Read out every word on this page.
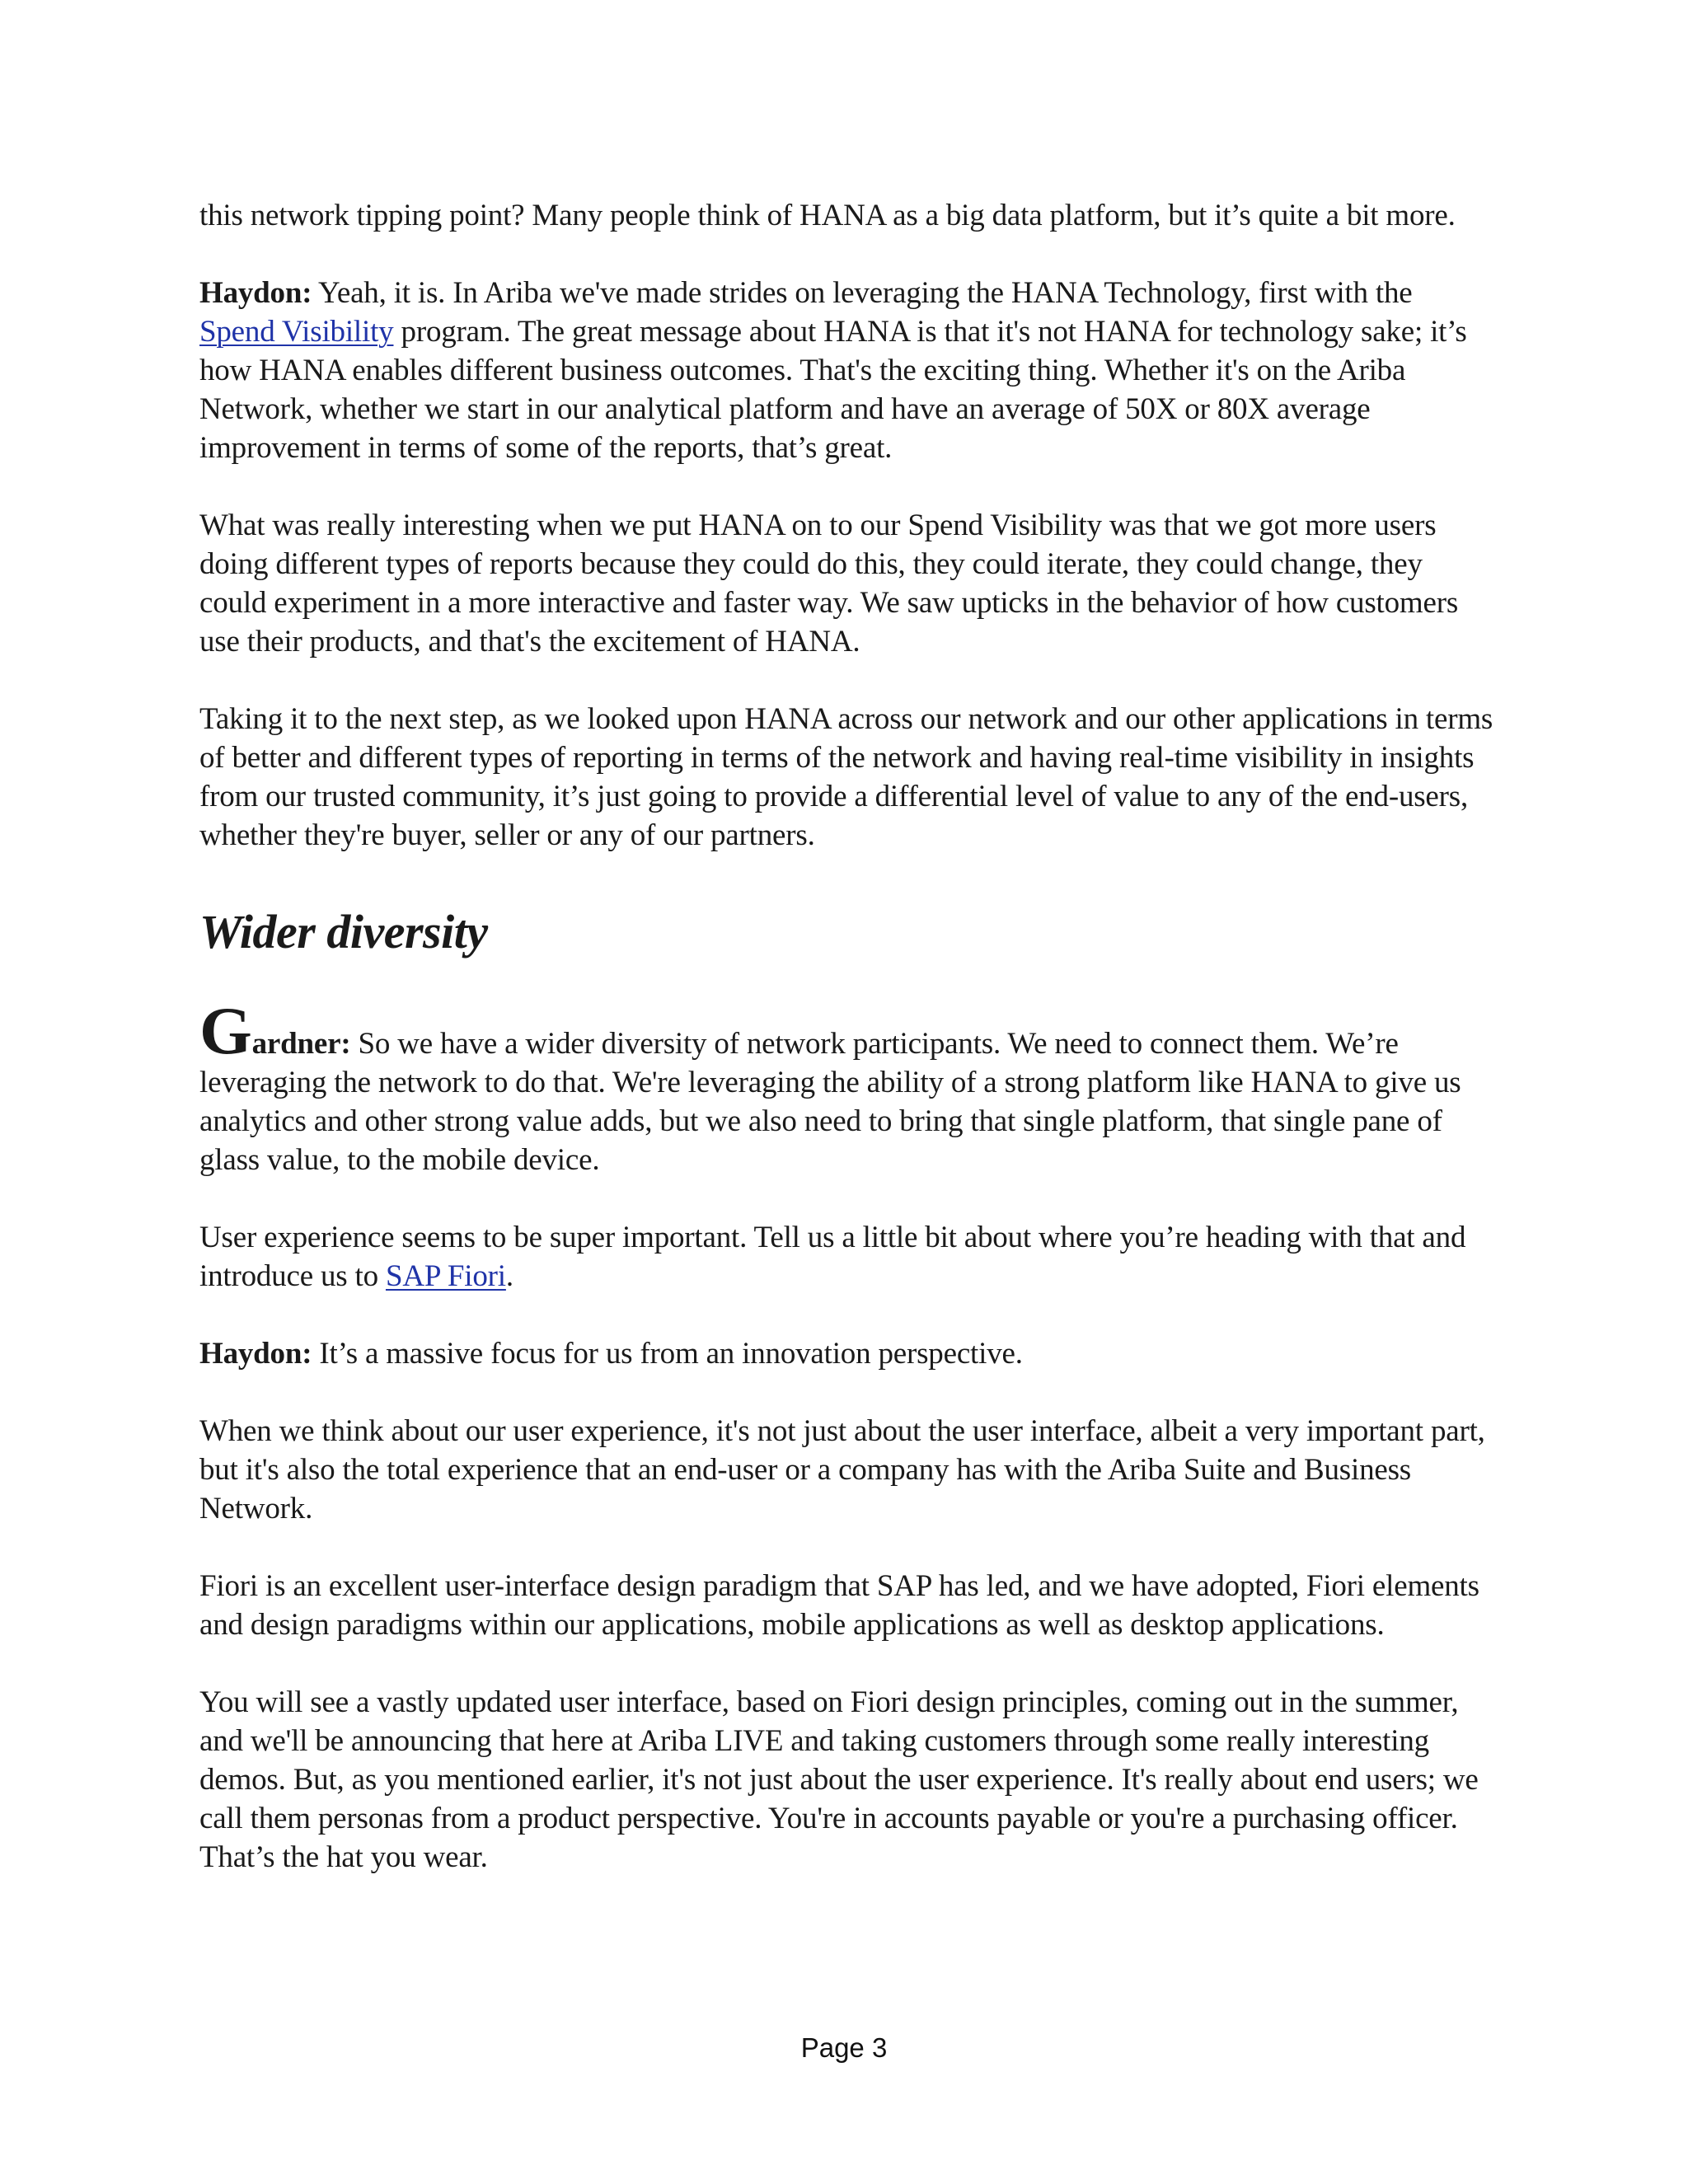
this network tipping point? Many people think of HANA as a big data platform, but it’s quite a bit more.

Haydon: Yeah, it is. In Ariba we've made strides on leveraging the HANA Technology, first with the Spend Visibility program. The great message about HANA is that it's not HANA for technology sake; it’s how HANA enables different business outcomes. That's the exciting thing. Whether it's on the Ariba Network, whether we start in our analytical platform and have an average of 50X or 80X average improvement in terms of some of the reports, that’s great.

What was really interesting when we put HANA on to our Spend Visibility was that we got more users doing different types of reports because they could do this, they could iterate, they could change, they could experiment in a more interactive and faster way. We saw upticks in the behavior of how customers use their products, and that's the excitement of HANA.

Taking it to the next step, as we looked upon HANA across our network and our other applications in terms of better and different types of reporting in terms of the network and having real-time visibility in insights from our trusted community, it’s just going to provide a differential level of value to any of the end-users, whether they're buyer, seller or any of our partners.

Wider diversity

Gardner: So we have a wider diversity of network participants. We need to connect them. We’re leveraging the network to do that. We're leveraging the ability of a strong platform like HANA to give us analytics and other strong value adds, but we also need to bring that single platform, that single pane of glass value, to the mobile device.

User experience seems to be super important. Tell us a little bit about where you’re heading with that and introduce us to SAP Fiori.

Haydon: It’s a massive focus for us from an innovation perspective.

When we think about our user experience, it's not just about the user interface, albeit a very important part, but it's also the total experience that an end-user or a company has with the Ariba Suite and Business Network.

Fiori is an excellent user-interface design paradigm that SAP has led, and we have adopted, Fiori elements and design paradigms within our applications, mobile applications as well as desktop applications.

You will see a vastly updated user interface, based on Fiori design principles, coming out in the summer, and we'll be announcing that here at Ariba LIVE and taking customers through some really interesting demos. But, as you mentioned earlier, it's not just about the user experience. It's really about end users; we call them personas from a product perspective. You're in accounts payable or you're a purchasing officer. That’s the hat you wear.

Page 3
